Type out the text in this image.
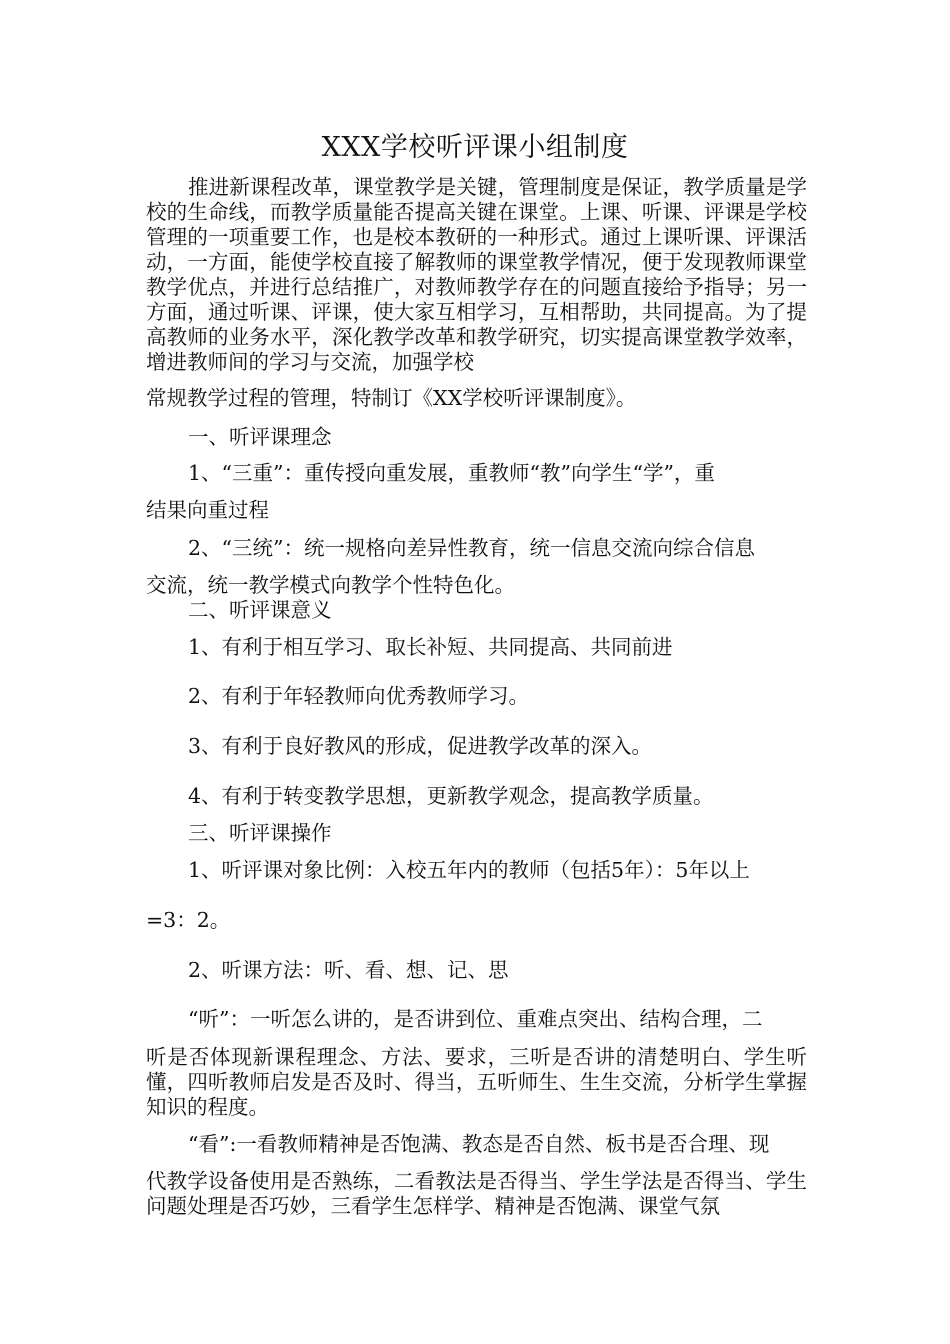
XXX学校听评课小组制度

推进新课程改革，课堂教学是关键，管理制度是保证，教学质量是学校的生命线，而教学质量能否提高关键在课堂。上课、听课、评课是学校管理的一项重要工作，也是校本教研的一种形式。通过上课听课、评课活动，一方面，能使学校直接了解教师的课堂教学情况，便于发现教师课堂教学优点，并进行总结推广，对教师教学存在的问题直接给予指导；另一方面，通过听课、评课，使大家互相学习，互相帮助，共同提高。为了提高教师的业务水平，深化教学改革和教学研究，切实提高课堂教学效率，增进教师间的学习与交流，加强学校

常规教学过程的管理，特制订《XX学校听评课制度》。

一、听评课理念

1、“三重”：重传授向重发展，重教师“教”向学生“学”，重

结果向重过程

2、“三统”：统一规格向差异性教育，统一信息交流向综合信息

交流，统一教学模式向教学个性特色化。

二、听评课意义

1、有利于相互学习、取长补短、共同提高、共同前进

2、有利于年轻教师向优秀教师学习。

3、有利于良好教风的形成，促进教学改革的深入。

4、有利于转变教学思想，更新教学观念，提高教学质量。

三、听评课操作

1、听评课对象比例：入校五年内的教师（包括5年）：5年以上

=3：2。

2、听课方法：听、看、想、记、思

“听”：一听怎么讲的，是否讲到位、重难点突出、结构合理，二

听是否体现新课程理念、方法、要求，三听是否讲的清楚明白、学生听懂，四听教师启发是否及时、得当，五听师生、生生交流，分析学生掌握知识的程度。

“看”:一看教师精神是否饱满、教态是否自然、板书是否合理、现

代教学设备使用是否熟练，二看教法是否得当、学生学法是否得当、学生问题处理是否巧妙，三看学生怎样学、精神是否饱满、课堂气氛
